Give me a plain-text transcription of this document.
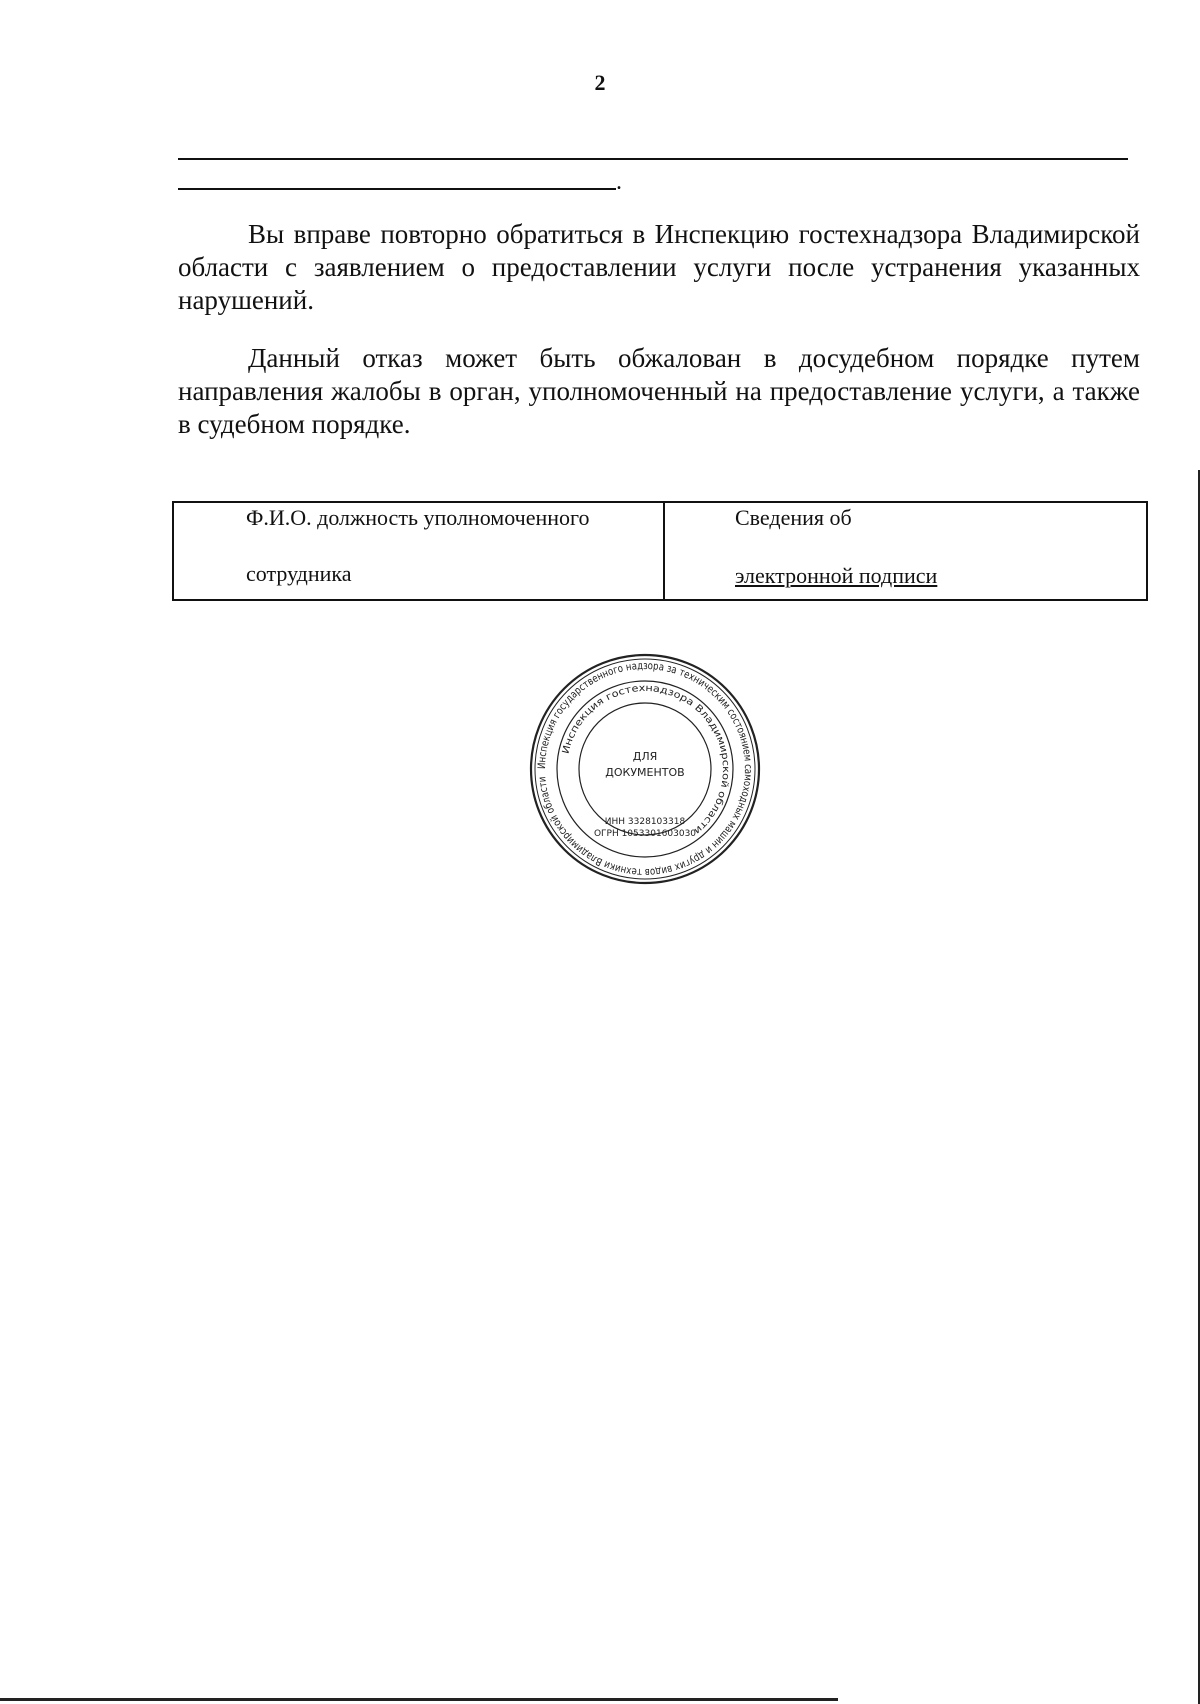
2
.

Вы вправе повторно обратиться в Инспекцию гостехнадзора Владимирской области с заявлением о предоставлении услуги после устранения указанных нарушений.

Данный отказ может быть обжалован в досудебном порядке путем направления жалобы в орган, уполномоченный на предоставление услуги, а также в судебном порядке.

Ф.И.О. должность уполномоченного
сотрудника
Сведения об
электронной подписи
Инспекция государственного надзора за техническим состоянием самоходных машин и других видов техники Владимирской области
Инспекция гостехнадзора Владимирской области
ДЛЯ
ДОКУМЕНТОВ
ИНН 3328103318
ОГРН 1053301603030
